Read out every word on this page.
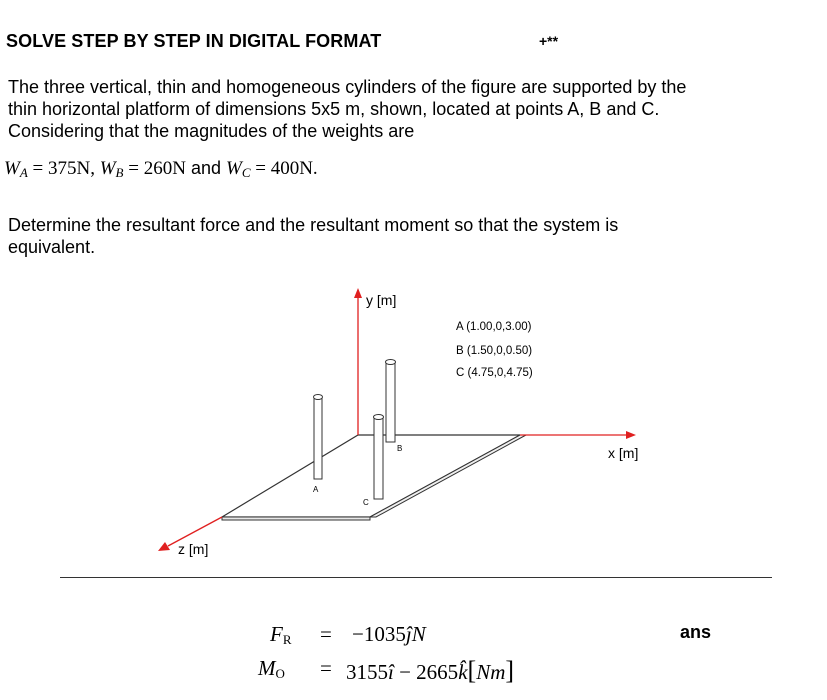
SOLVE STEP BY STEP IN DIGITAL FORMAT	+**
The three vertical, thin and homogeneous cylinders of the figure are supported by the
thin horizontal platform of dimensions 5x5 m, shown, located at points A, B and C.
Considering that the magnitudes of the weights are
$W_A = 375N$, $W_B = 260N$ and $W_C = 400N$.
Determine the resultant force and the resultant moment so that the system is
equivalent.
A
B
C
y [m]
x [m]
z [m]
A (1.00,0,3.00)
B (1.50,0,0.50)
C (4.75,0,4.75)
ans
$F_R$ = −1035ĵN
$M_O$ = 3155î − 2665k̂[Nm]
